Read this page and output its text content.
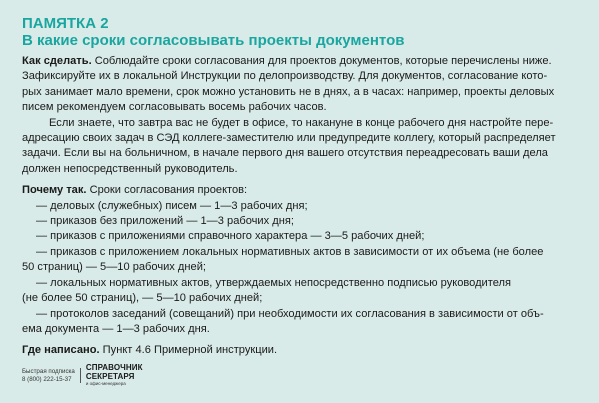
ПАМЯТКА 2
В какие сроки согласовывать проекты документов

Как сделать. Соблюдайте сроки согласования для проектов документов, которые перечислены ниже.

Зафиксируйте их в локальной Инструкции по делопроизводству. Для документов, согласование кото-

рых занимает мало времени, срок можно установить не в днях, а в часах: например, проекты деловых

писем рекомендуем согласовывать восемь рабочих часов.

Если знаете, что завтра вас не будет в офисе, то накануне в конце рабочего дня настройте пере-

адресацию своих задач в СЭД коллеге-заместителю или предупредите коллегу, который распределяет

задачи. Если вы на больничном, в начале первого дня вашего отсутствия переадресовать ваши дела

должен непосредственный руководитель.

Почему так. Сроки согласования проектов:

— деловых (служебных) писем — 1—3 рабочих дня;

— приказов без приложений — 1—3 рабочих дня;

— приказов с приложениями справочного характера — 3—5 рабочих дней;

— приказов с приложением локальных нормативных актов в зависимости от их объема (не более

50 страниц) — 5—10 рабочих дней;

— локальных нормативных актов, утверждаемых непосредственно подписью руководителя

(не более 50 страниц), — 5—10 рабочих дней;

— протоколов заседаний (совещаний) при необходимости их согласования в зависимости от объ-

ема документа — 1—3 рабочих дня.

Где написано. Пункт 4.6 Примерной инструкции.

Быстрая подписка
8 (800) 222-15-37
СПРАВОЧНИК
СЕКРЕТАРЯ
и офис-менеджера
